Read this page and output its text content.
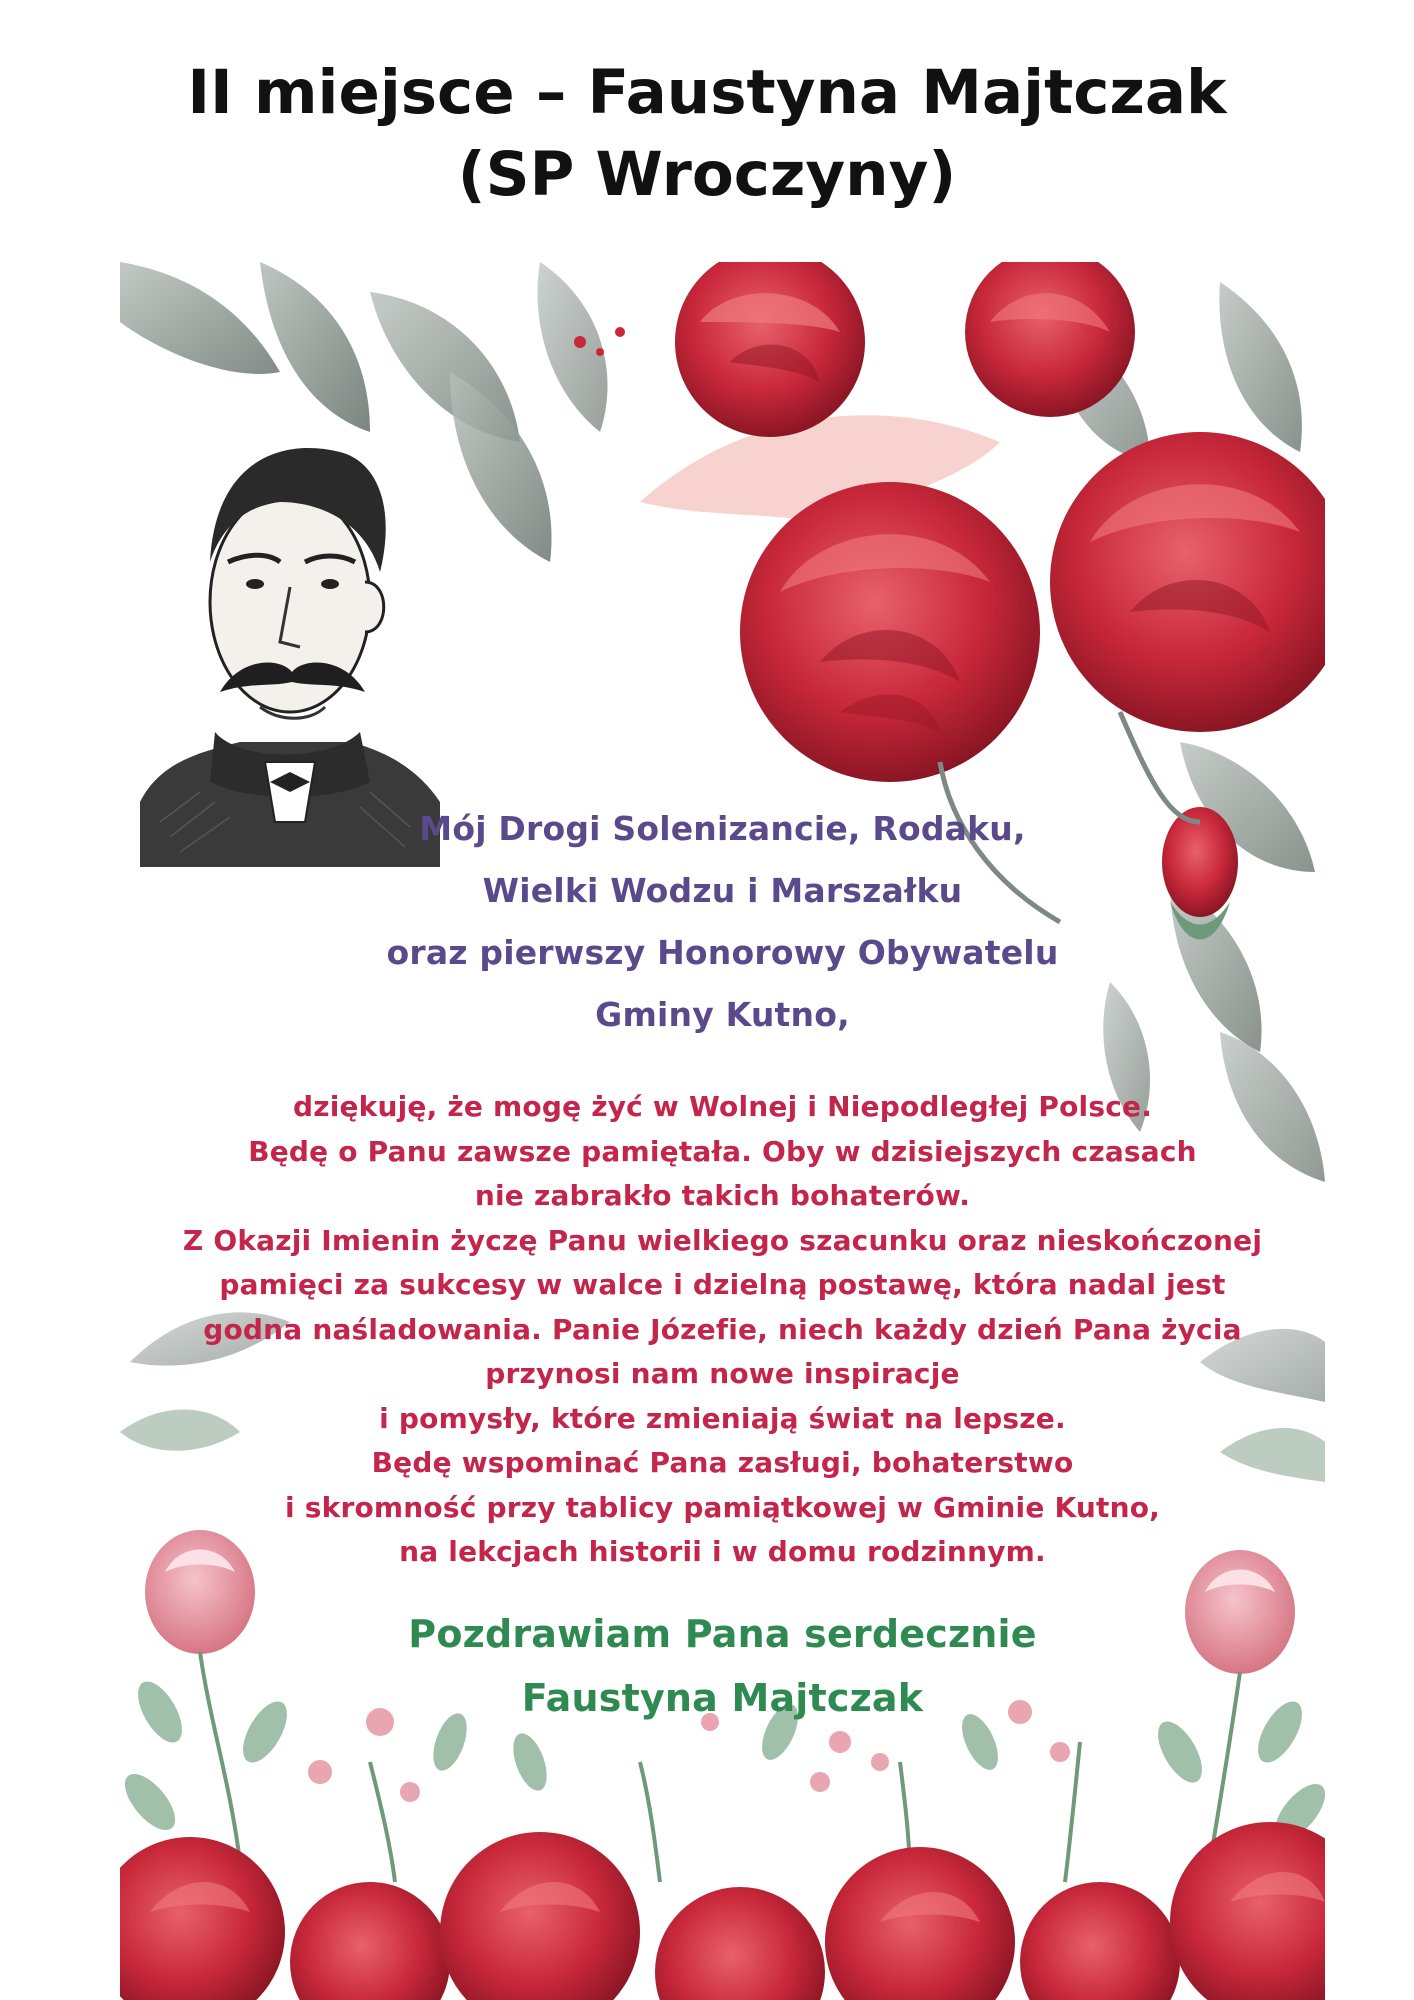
II miejsce – Faustyna Majtczak
(SP Wroczyny)
Mój Drogi Solenizancie, Rodaku,
Wielki Wodzu i Marszałku
oraz pierwszy Honorowy Obywatelu
Gminy Kutno,
dziękuję, że mogę żyć w Wolnej i Niepodległej Polsce.
Będę o Panu zawsze pamiętała. Oby w dzisiejszych czasach
nie zabrakło takich bohaterów.
Z Okazji Imienin życzę Panu wielkiego szacunku oraz nieskończonej
pamięci za sukcesy w walce i dzielną postawę, która nadal jest
godna naśladowania. Panie Józefie, niech każdy dzień Pana życia
przynosi nam nowe inspiracje
i pomysły, które zmieniają świat na lepsze.
Będę wspominać Pana zasługi, bohaterstwo
i skromność przy tablicy pamiątkowej w Gminie Kutno,
na lekcjach historii i w domu rodzinnym.
Pozdrawiam Pana serdecznie
Faustyna Majtczak
